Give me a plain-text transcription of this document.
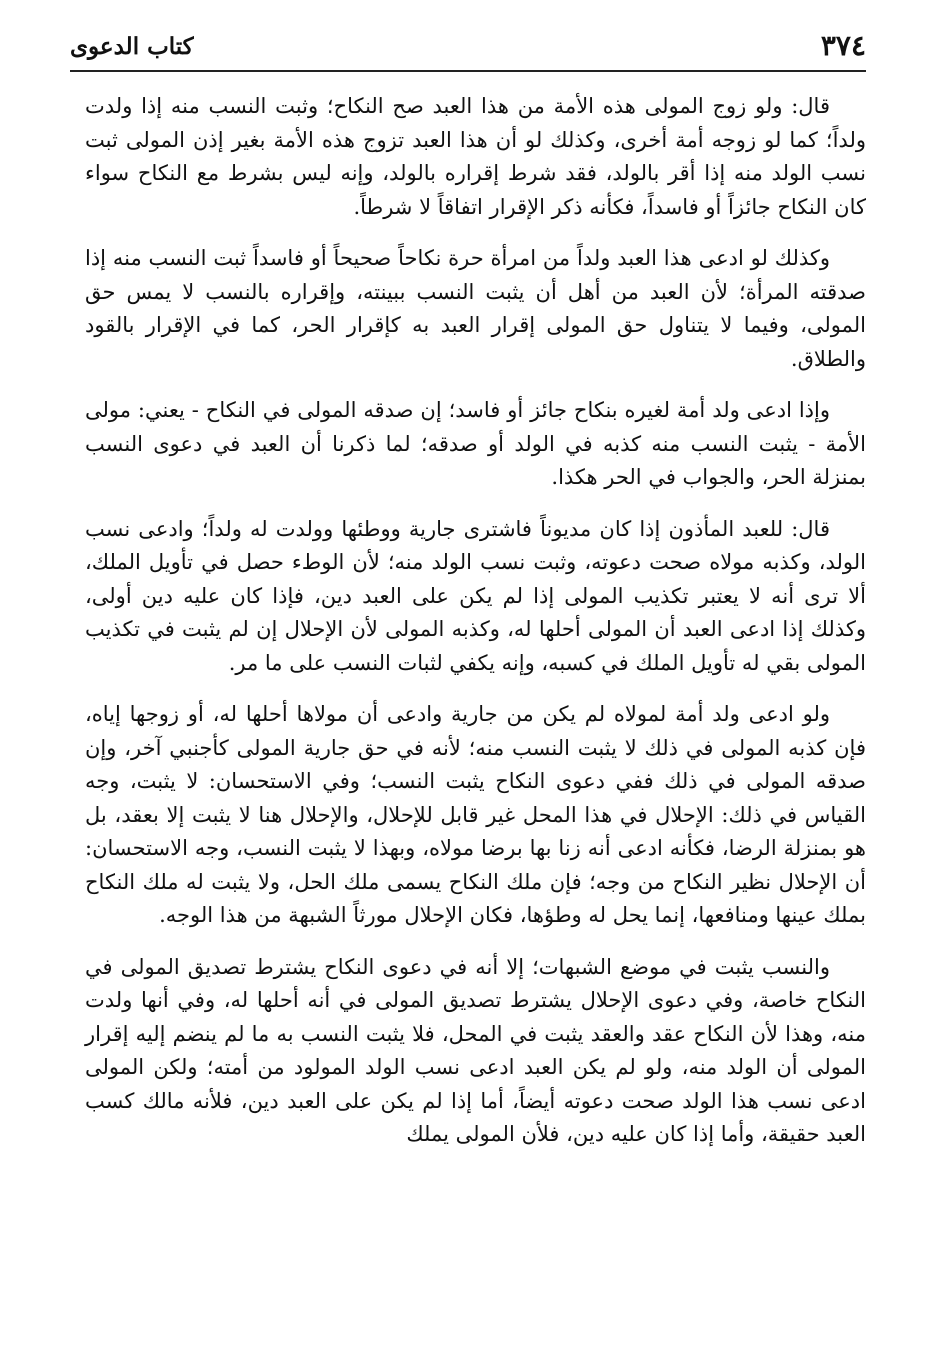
٣٧٤
كتاب الدعوى

قال: ولو زوج المولى هذه الأمة من هذا العبد صح النكاح؛ وثبت النسب منه إذا ولدت ولداً؛ كما لو زوجه أمة أخرى، وكذلك لو أن هذا العبد تزوج هذه الأمة بغير إذن المولى ثبت نسب الولد منه إذا أقر بالولد، فقد شرط إقراره بالولد، وإنه ليس بشرط مع النكاح سواء كان النكاح جائزاً أو فاسداً، فكأنه ذكر الإقرار اتفاقاً لا شرطاً.

وكذلك لو ادعى هذا العبد ولداً من امرأة حرة نكاحاً صحيحاً أو فاسداً ثبت النسب منه إذا صدقته المرأة؛ لأن العبد من أهل أن يثبت النسب ببينته، وإقراره بالنسب لا يمس حق المولى، وفيما لا يتناول حق المولى إقرار العبد به كإقرار الحر، كما في الإقرار بالقود والطلاق.

وإذا ادعى ولد أمة لغيره بنكاح جائز أو فاسد؛ إن صدقه المولى في النكاح - يعني: مولى الأمة - يثبت النسب منه كذبه في الولد أو صدقه؛ لما ذكرنا أن العبد في دعوى النسب بمنزلة الحر، والجواب في الحر هكذا.

قال: للعبد المأذون إذا كان مديوناً فاشترى جارية ووطئها وولدت له ولداً؛ وادعى نسب الولد، وكذبه مولاه صحت دعوته، وثبت نسب الولد منه؛ لأن الوطء حصل في تأويل الملك، ألا ترى أنه لا يعتبر تكذيب المولى إذا لم يكن على العبد دين، فإذا كان عليه دين أولى، وكذلك إذا ادعى العبد أن المولى أحلها له، وكذبه المولى لأن الإحلال إن لم يثبت في تكذيب المولى بقي له تأويل الملك في كسبه، وإنه يكفي لثبات النسب على ما مر.

ولو ادعى ولد أمة لمولاه لم يكن من جارية وادعى أن مولاها أحلها له، أو زوجها إياه، فإن كذبه المولى في ذلك لا يثبت النسب منه؛ لأنه في حق جارية المولى كأجنبي آخر، وإن صدقه المولى في ذلك ففي دعوى النكاح يثبت النسب؛ وفي الاستحسان: لا يثبت، وجه القياس في ذلك: الإحلال في هذا المحل غير قابل للإحلال، والإحلال هنا لا يثبت إلا بعقد، بل هو بمنزلة الرضا، فكأنه ادعى أنه زنا بها برضا مولاه، وبهذا لا يثبت النسب، وجه الاستحسان: أن الإحلال نظير النكاح من وجه؛ فإن ملك النكاح يسمى ملك الحل، ولا يثبت له ملك النكاح بملك عينها ومنافعها، إنما يحل له وطؤها، فكان الإحلال مورثاً الشبهة من هذا الوجه.

والنسب يثبت في موضع الشبهات؛ إلا أنه في دعوى النكاح يشترط تصديق المولى في النكاح خاصة، وفي دعوى الإحلال يشترط تصديق المولى في أنه أحلها له، وفي أنها ولدت منه، وهذا لأن النكاح عقد والعقد يثبت في المحل، فلا يثبت النسب به ما لم ينضم إليه إقرار المولى أن الولد منه، ولو لم يكن العبد ادعى نسب الولد المولود من أمته؛ ولكن المولى ادعى نسب هذا الولد صحت دعوته أيضاً، أما إذا لم يكن على العبد دين، فلأنه مالك كسب العبد حقيقة، وأما إذا كان عليه دين، فلأن المولى يملك
